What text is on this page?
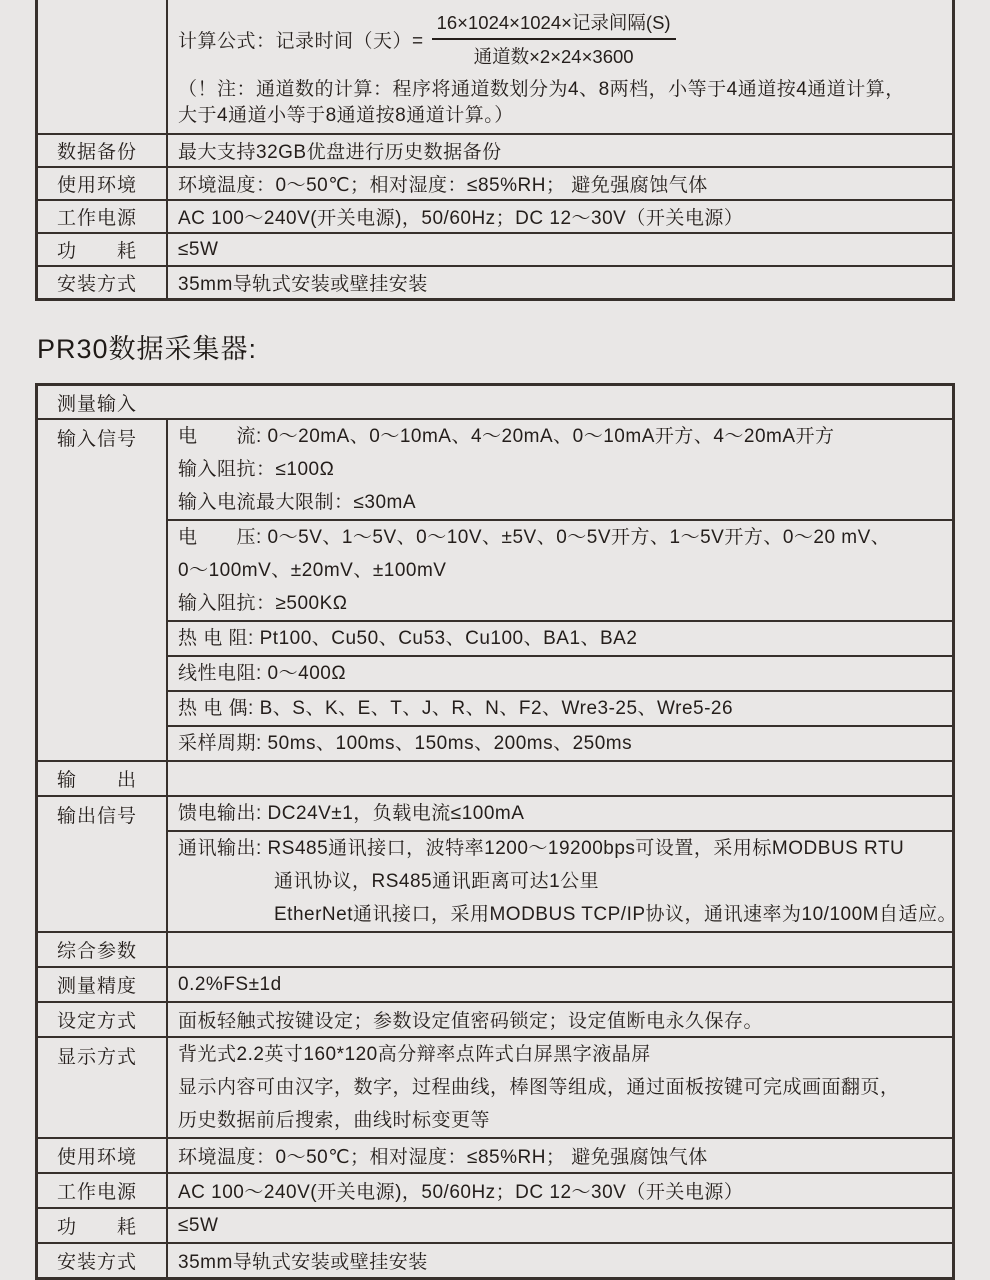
计算公式：记录时间（天）= $\frac{\text{16×1024×1024×记录间隔(S)}}{\text{通道数×2×24×3600}}$
（！注：通道数的计算：程序将通道数划分为4、8两档，小等于4通道按4通道计算，
大于4通道小等于8通道按8通道计算。）
数据备份	最大支持32GB优盘进行历史数据备份
使用环境	环境温度：0～50℃；相对湿度：≤85%RH； 避免强腐蚀气体
工作电源	AC 100～240V(开关电源)，50/60Hz；DC 12～30V（开关电源）
功　　耗	≤5W
安装方式	35mm导轨式安装或壁挂安装
PR30数据采集器:
测量输入
输入信号	电　　流: 0～20mA、0～10mA、4～20mA、0～10mA开方、4～20mA开方
输入阻抗：≤100Ω
输入电流最大限制：≤30mA
电　　压: 0～5V、1～5V、0～10V、±5V、0～5V开方、1～5V开方、0～20 mV、
0～100mV、±20mV、±100mV
输入阻抗：≥500KΩ
热 电 阻: Pt100、Cu50、Cu53、Cu100、BA1、BA2
线性电阻: 0～400Ω
热 电 偶: B、S、K、E、T、J、R、N、F2、Wre3-25、Wre5-26
采样周期: 50ms、100ms、150ms、200ms、250ms
输　　出
输出信号	馈电输出: DC24V±1，负载电流≤100mA
通讯输出: RS485通讯接口，波特率1200～19200bps可设置，采用标MODBUS RTU
通讯协议，RS485通讯距离可达1公里
EtherNet通讯接口，采用MODBUS TCP/IP协议，通讯速率为10/100M自适应。
综合参数
测量精度	0.2%FS±1d
设定方式	面板轻触式按键设定；参数设定值密码锁定；设定值断电永久保存。
显示方式	背光式2.2英寸160*120高分辩率点阵式白屏黑字液晶屏
显示内容可由汉字，数字，过程曲线，棒图等组成，通过面板按键可完成画面翻页，
历史数据前后搜索，曲线时标变更等
使用环境	环境温度：0～50℃；相对湿度：≤85%RH； 避免强腐蚀气体
工作电源	AC 100～240V(开关电源)，50/60Hz；DC 12～30V（开关电源）
功　　耗	≤5W
安装方式	35mm导轨式安装或壁挂安装
